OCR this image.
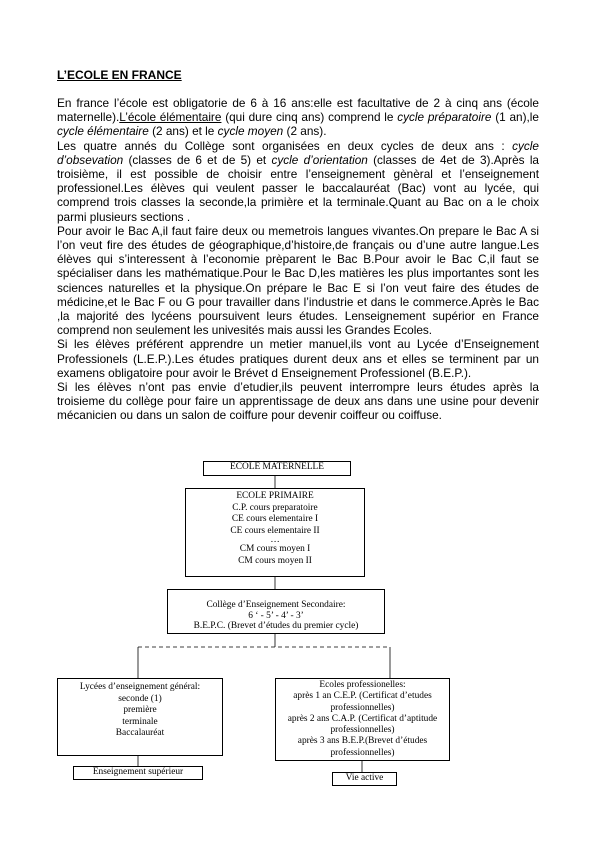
L’ECOLE EN FRANCE

En france l’école est obligatorie de 6 à 16 ans:elle est facultative de 2 à cinq ans (école maternelle).L’école élémentaire (qui dure cinq ans) comprend le cycle préparatoire (1 an),le cycle élémentaire (2 ans) et le cycle moyen (2 ans).

Les quatre annés du Collège sont organisées en deux cycles de deux ans : cycle d’obsevation (classes de 6 et de 5) et cycle d’orientation (classes de 4et de 3).Après la troisième, il est possible de choisir entre l’enseignement gènèral et l’enseignement professionel.Les élèves qui veulent passer le baccalauréat (Bac) vont au lycée, qui comprend trois classes la seconde,la primière et la terminale.Quant au Bac on a le choix parmi plusieurs sections .

Pour avoir le Bac A,il faut faire deux ou memetrois langues vivantes.On prepare le Bac A si l’on veut fire des études de géographique,d’histoire,de français ou d’une autre langue.Les élèves qui s’interessent à l’economie prèparent le Bac B.Pour avoir le Bac C,il faut se spécialiser dans les mathématique.Pour le Bac D,les matières les plus importantes sont les sciences naturelles et la physique.On prépare le Bac E si l’on veut faire des études de médicine,et le Bac F ou G pour travailler dans l’industrie et dans le commerce.Après le Bac ,la majorité des lycéens poursuivent leurs études. Lenseignement supérior en France comprend non seulement les univesités mais aussi les Grandes Ecoles.

Si les élèves préférent apprendre un metier manuel,ils vont au Lycée d’Enseignement Professionels (L.E.P.).Les études pratiques durent deux ans et elles se terminent par un examens obligatoire pour avoir le Brévet d Enseignement Professionel (B.E.P.).

Si les élèves n’ont pas envie d’etudier,ils peuvent interrompre leurs études après la troisieme du collège pour faire un apprentissage de deux ans dans une usine pour devenir mécanicien ou dans un salon de coiffure pour devenir coiffeur ou coiffuse.

ECOLE MATERNELLE
ECOLE PRIMAIRE
C.P. cours preparatoire
CE cours elementaire I
CE cours elementaire II
…
CM cours moyen I
CM cours moyen II
Collège d’Enseignement Secondaire:
6 ‘ - 5’ - 4’ - 3’
B.E.P.C. (Brevet d’études du premier cycle)
Lycées d’enseignement général:
seconde (1)
première
terminale
Baccalauréat
Ecoles professionelles:
après 1 an C.E.P. (Certificat d’etudes
professionnelles)
après 2 ans C.A.P. (Certificat d’aptitude
professionnelles)
après 3 ans B.E.P.(Brevet d’études
professionnelles)
Enseignement supérieur
Vie active
